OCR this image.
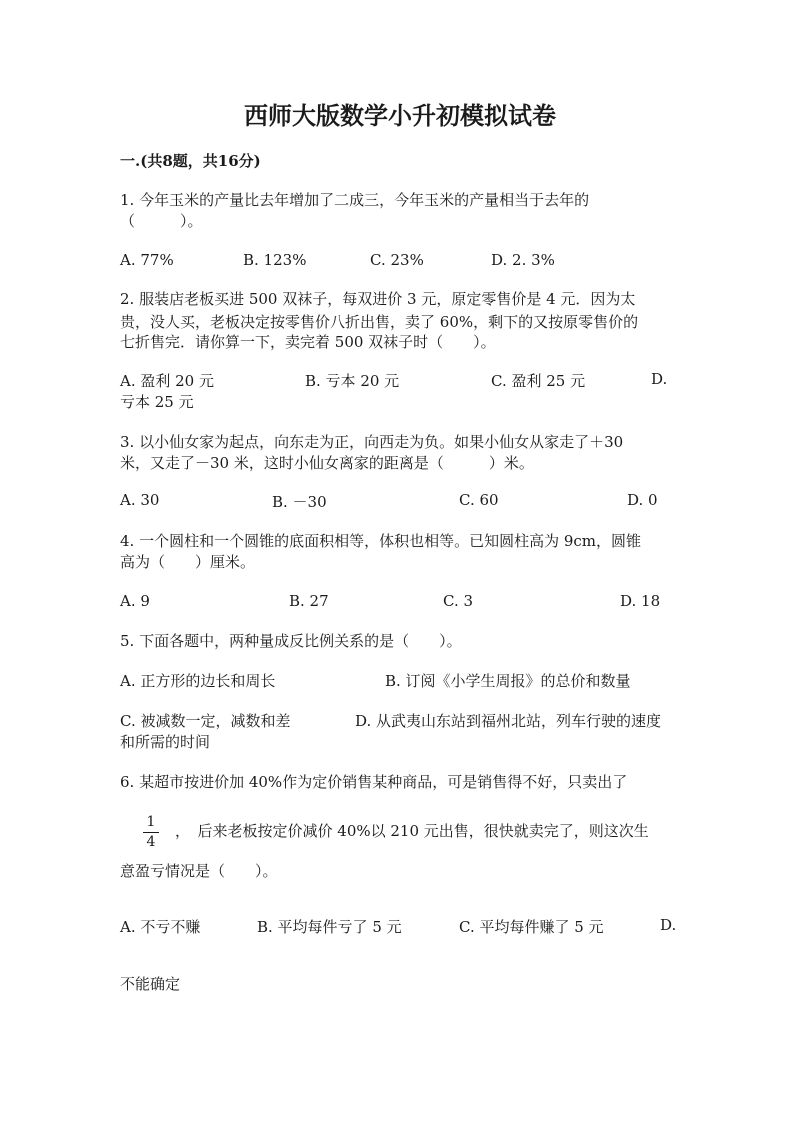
西师大版数学小升初模拟试卷
一.(共8题，共16分)
1. 今年玉米的产量比去年增加了二成三，今年玉米的产量相当于去年的
（　　　）。
A. 77%	B. 123%	C. 23%	D. 2. 3%
2. 服装店老板买进 500 双袜子，每双进价 3 元，原定零售价是 4 元．因为太
贵，没人买，老板决定按零售价八折出售，卖了 60%，剩下的又按原零售价的
七折售完．请你算一下，卖完着 500 双袜子时（　　）。
A. 盈利 20 元	B. 亏本 20 元	C. 盈利 25 元	D.
亏本 25 元
3. 以小仙女家为起点，向东走为正，向西走为负。如果小仙女从家走了＋30
米，又走了－30 米，这时小仙女离家的距离是（　　　）米。
A. 30	B. －30	C. 60	D. 0
4. 一个圆柱和一个圆锥的底面积相等，体积也相等。已知圆柱高为 9cm，圆锥
高为（　　）厘米。
A. 9	B. 27	C. 3	D. 18
5. 下面各题中，两种量成反比例关系的是（　　）。
A. 正方形的边长和周长	B. 订阅《小学生周报》的总价和数量
C. 被减数一定，减数和差	D. 从武夷山东站到福州北站，列车行驶的速度
和所需的时间
6. 某超市按进价加 40%作为定价销售某种商品，可是销售得不好，只卖出了
1
4
，　后来老板按定价减价 40%以 210 元出售，很快就卖完了，则这次生
意盈亏情况是（　　）。
A. 不亏不赚	B. 平均每件亏了 5 元	C. 平均每件赚了 5 元	D.
不能确定
